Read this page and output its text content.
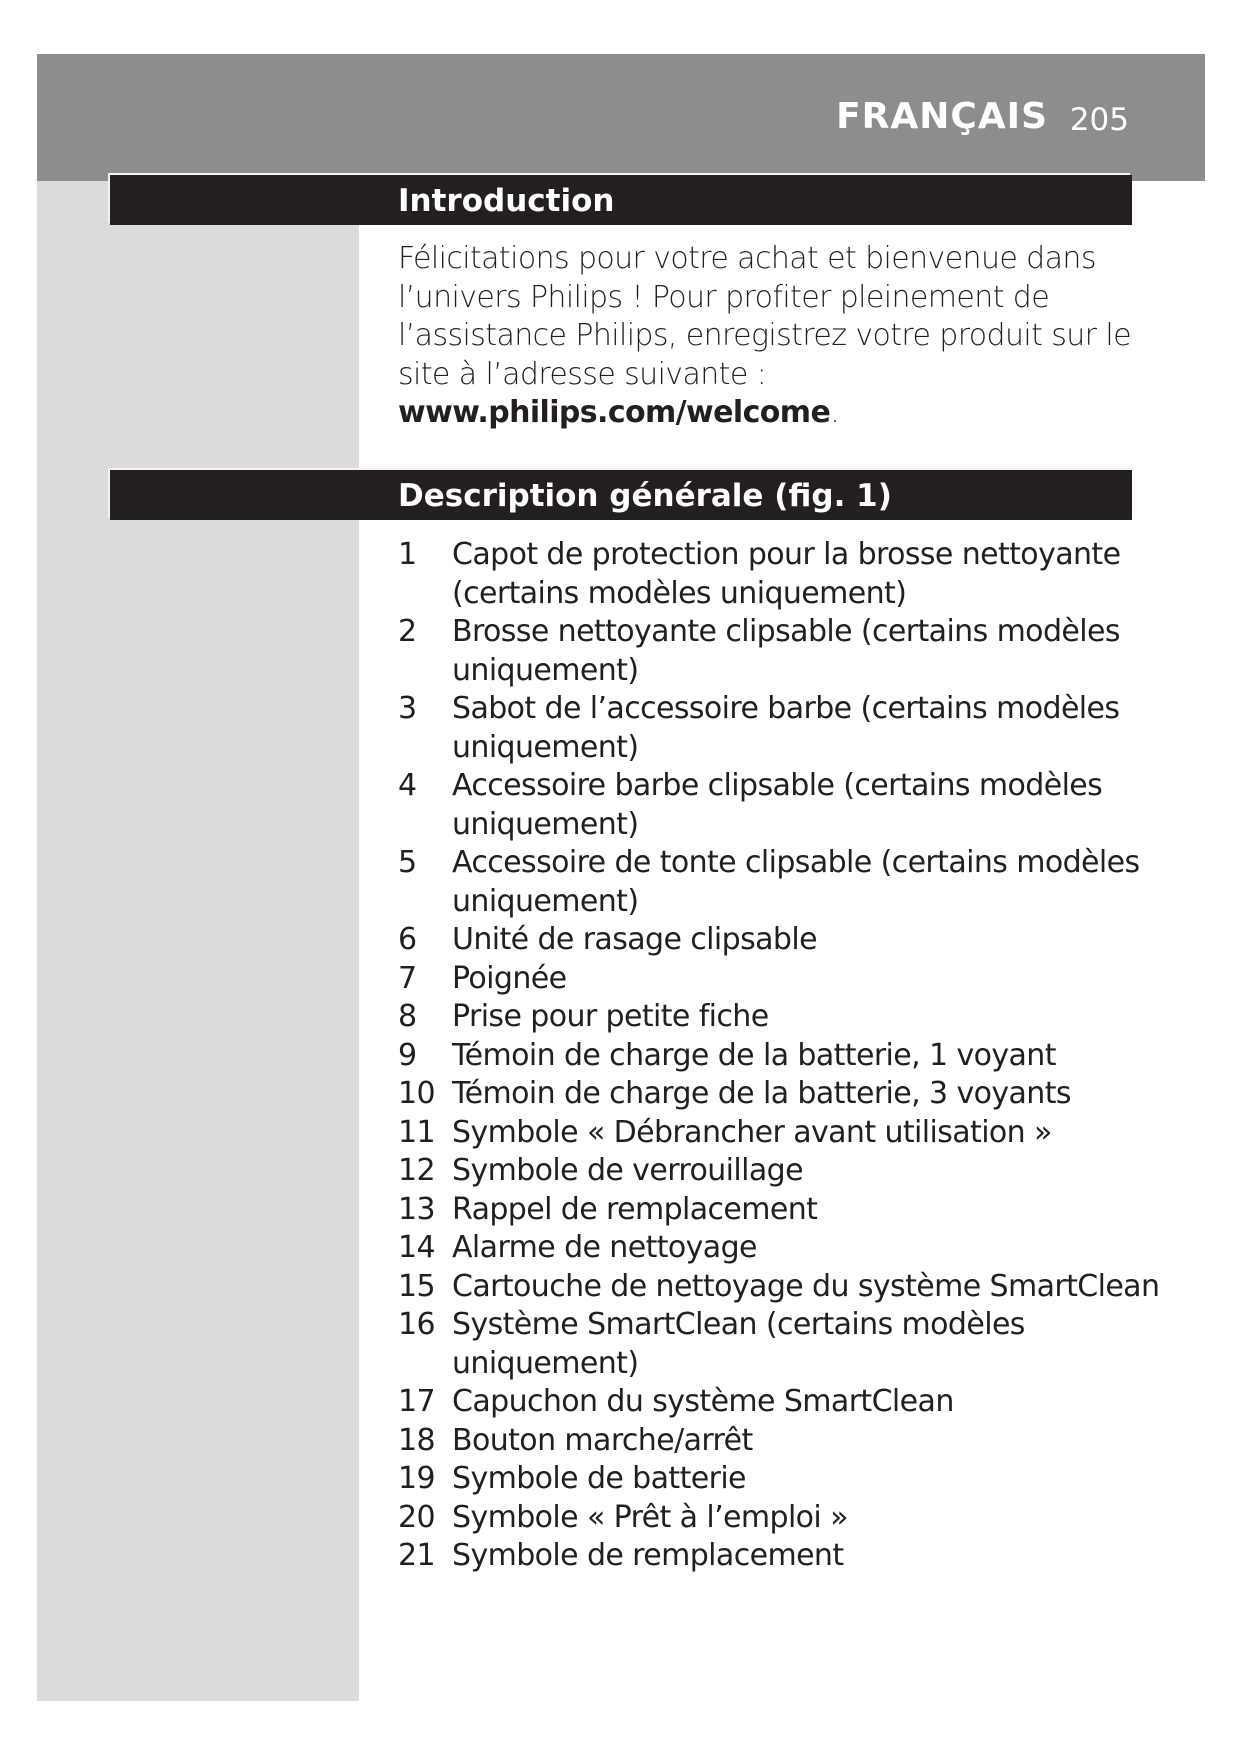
FRANÇAIS 205
Introduction
Félicitations pour votre achat et bienvenue dans l’univers Philips ! Pour profiter pleinement de l’assistance Philips, enregistrez votre produit sur le site à l’adresse suivante : www.philips.com/welcome.
Description générale (fig. 1)
1 Capot de protection pour la brosse nettoyante (certains modèles uniquement)
2 Brosse nettoyante clipsable (certains modèles uniquement)
3 Sabot de l’accessoire barbe (certains modèles uniquement)
4 Accessoire barbe clipsable (certains modèles uniquement)
5 Accessoire de tonte clipsable (certains modèles uniquement)
6 Unité de rasage clipsable
7 Poignée
8 Prise pour petite fiche
9 Témoin de charge de la batterie, 1 voyant
10 Témoin de charge de la batterie, 3 voyants
11 Symbole « Débrancher avant utilisation »
12 Symbole de verrouillage
13 Rappel de remplacement
14 Alarme de nettoyage
15 Cartouche de nettoyage du système SmartClean
16 Système SmartClean (certains modèles uniquement)
17 Capuchon du système SmartClean
18 Bouton marche/arrêt
19 Symbole de batterie
20 Symbole « Prêt à l’emploi »
21 Symbole de remplacement
